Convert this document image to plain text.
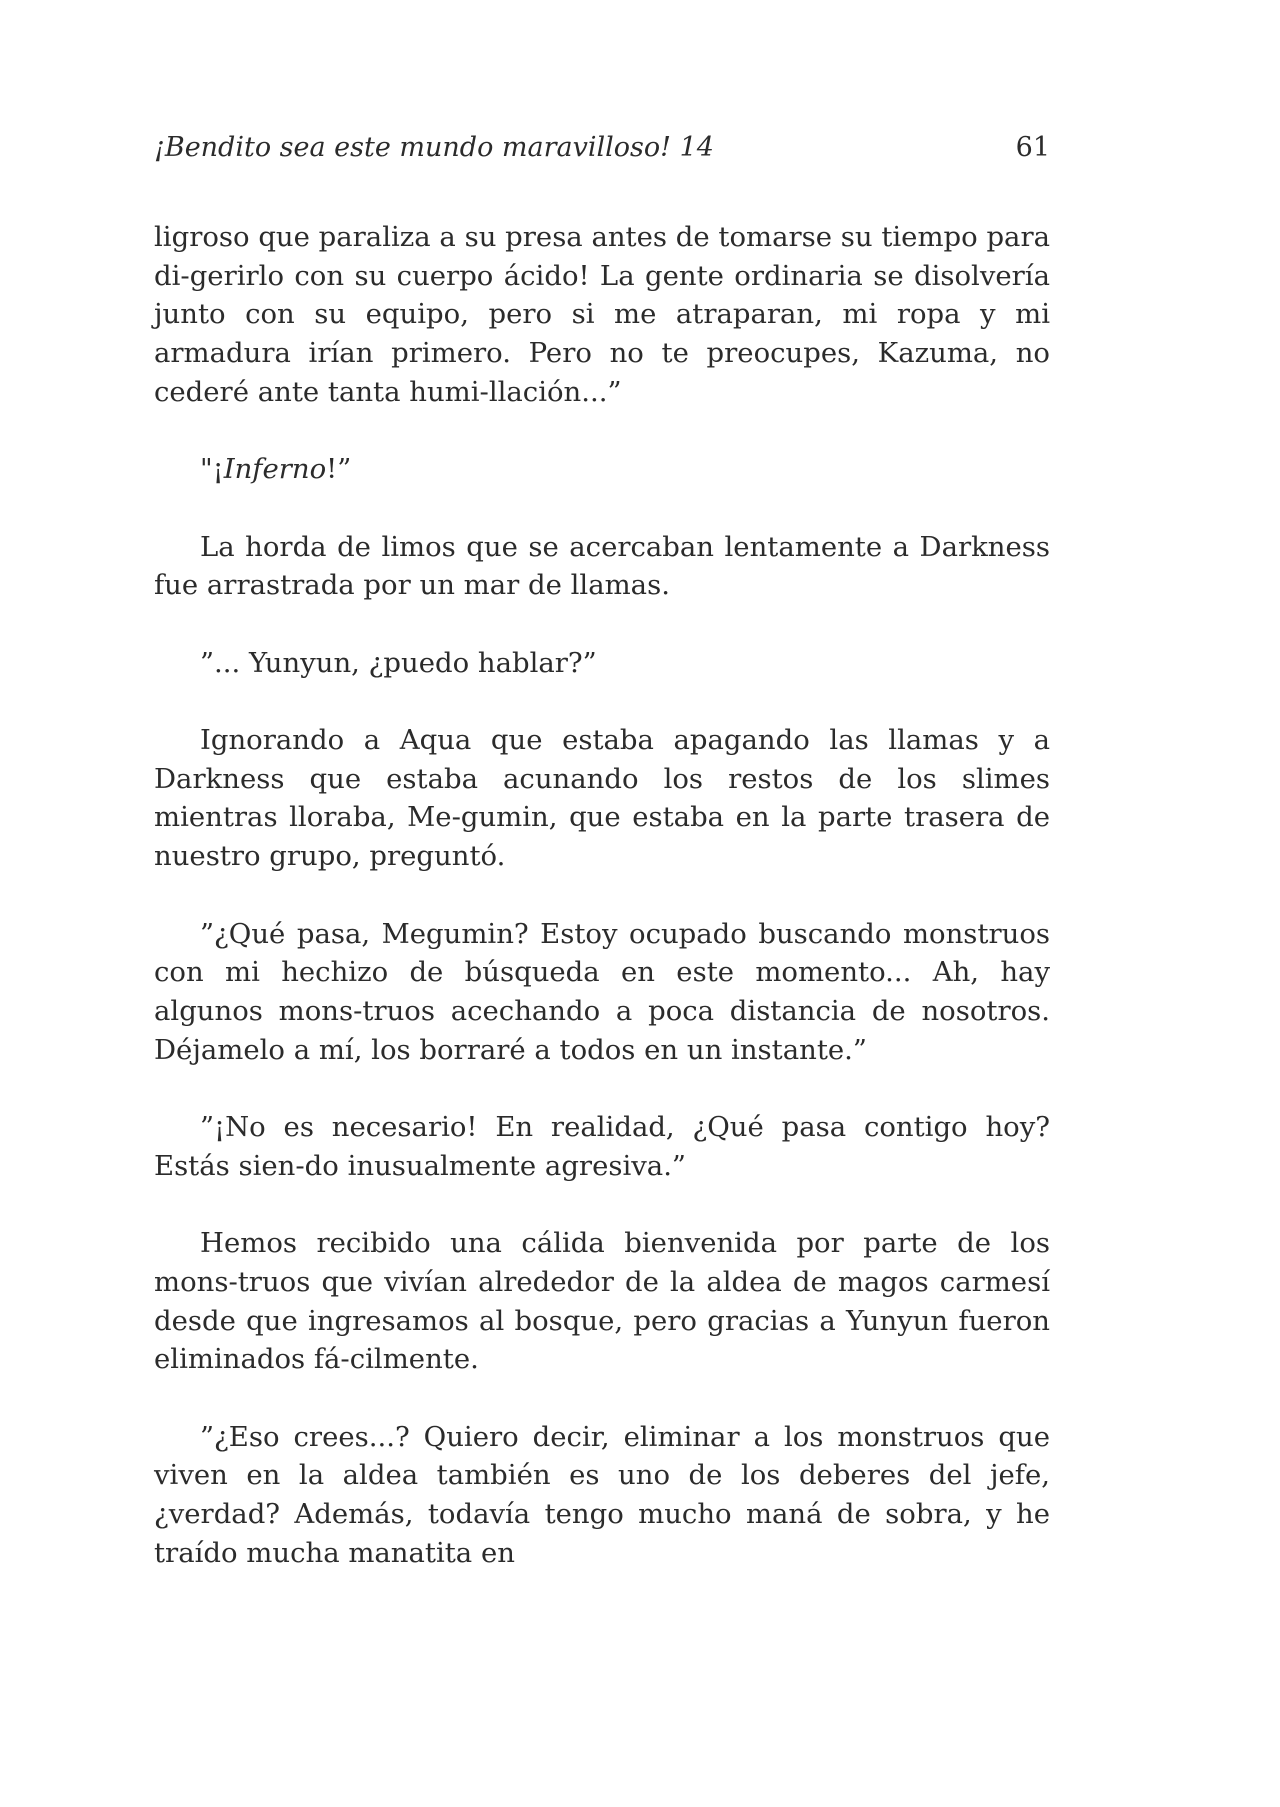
¡Bendito sea este mundo maravilloso! 14	61

ligroso que paraliza a su presa antes de tomarse su tiempo para di-gerirlo con su cuerpo ácido! La gente ordinaria se disolvería junto con su equipo, pero si me atraparan, mi ropa y mi armadura irían primero. Pero no te preocupes, Kazuma, no cederé ante tanta humi-llación...”

"¡Inferno!”

La horda de limos que se acercaban lentamente a Darkness fue arrastrada por un mar de llamas.

”... Yunyun, ¿puedo hablar?”

Ignorando a Aqua que estaba apagando las llamas y a Darkness que estaba acunando los restos de los slimes mientras lloraba, Me-gumin, que estaba en la parte trasera de nuestro grupo, preguntó.

”¿Qué pasa, Megumin? Estoy ocupado buscando monstruos con mi hechizo de búsqueda en este momento... Ah, hay algunos mons-truos acechando a poca distancia de nosotros. Déjamelo a mí, los borraré a todos en un instante.”

”¡No es necesario! En realidad, ¿Qué pasa contigo hoy? Estás sien-do inusualmente agresiva.”

Hemos recibido una cálida bienvenida por parte de los mons-truos que vivían alrededor de la aldea de magos carmesí desde que ingresamos al bosque, pero gracias a Yunyun fueron eliminados fá-cilmente.

”¿Eso crees...? Quiero decir, eliminar a los monstruos que viven en la aldea también es uno de los deberes del jefe, ¿verdad? Además, todavía tengo mucho maná de sobra, y he traído mucha manatita en
